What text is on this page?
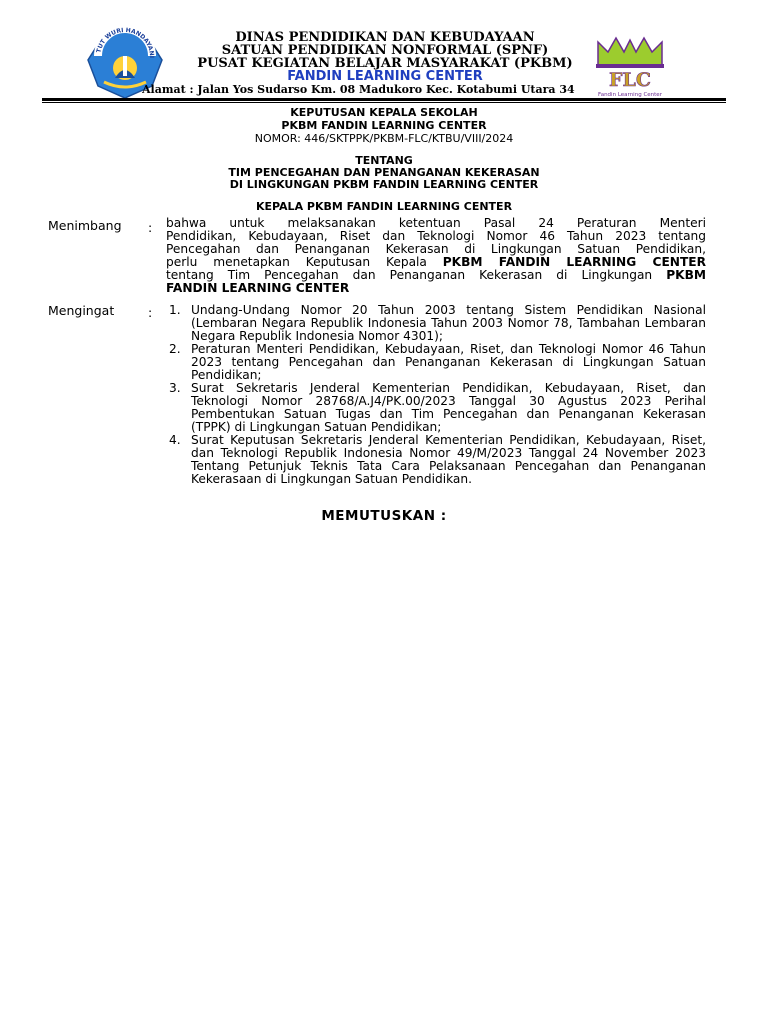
TUT WURI HANDAYANI
DINAS PENDIDIKAN DAN KEBUDAYAAN
SATUAN PENDIDIKAN NONFORMAL (SPNF)
PUSAT KEGIATAN BELAJAR MASYARAKAT (PKBM)
FANDIN LEARNING CENTER
Alamat : Jalan Yos Sudarso Km. 08 Madukoro Kec. Kotabumi Utara 34	FLC
Fandin Learning Center
KEPUTUSAN KEPALA SEKOLAH
PKBM FANDIN LEARNING CENTER
NOMOR: 446/SKTPPK/PKBM-FLC/KTBU/VIII/2024
TENTANG
TIM PENCEGAHAN DAN PENANGANAN KEKERASAN
DI LINGKUNGAN PKBM FANDIN LEARNING CENTER
KEPALA PKBM FANDIN LEARNING CENTER
Menimbang : bahwa untuk melaksanakan ketentuan Pasal 24 Peraturan Menteri
Pendidikan, Kebudayaan, Riset dan Teknologi Nomor 46 Tahun 2023 tentang
Pencegahan dan Penanganan Kekerasan di Lingkungan Satuan Pendidikan,
perlu menetapkan Keputusan Kepala PKBM FANDIN LEARNING CENTER
tentang Tim Pencegahan dan Penanganan Kekerasan di Lingkungan PKBM
FANDIN LEARNING CENTER
Mengingat	: 1. Undang-Undang Nomor 20 Tahun 2003 tentang Sistem Pendidikan Nasional (Lembaran Negara Republik Indonesia Tahun 2003 Nomor 78, Tambahan Lembaran Negara Republik Indonesia Nomor 4301);
2. Peraturan Menteri Pendidikan, Kebudayaan, Riset, dan Teknologi Nomor 46 Tahun 2023 tentang Pencegahan dan Penanganan Kekerasan di Lingkungan Satuan Pendidikan;
3. Surat Sekretaris Jenderal Kementerian Pendidikan, Kebudayaan, Riset, dan Teknologi Nomor 28768/A.J4/PK.00/2023 Tanggal 30 Agustus 2023 Perihal Pembentukan Satuan Tugas dan Tim Pencegahan dan Penanganan Kekerasan (TPPK) di Lingkungan Satuan Pendidikan;
4. Surat Keputusan Sekretaris Jenderal Kementerian Pendidikan, Kebudayaan, Riset, dan Teknologi Republik Indonesia Nomor 49/M/2023 Tanggal 24 November 2023 Tentang Petunjuk Teknis Tata Cara Pelaksanaan Pencegahan dan Penanganan Kekerasaan di Lingkungan Satuan Pendidikan.
MEMUTUSKAN :
